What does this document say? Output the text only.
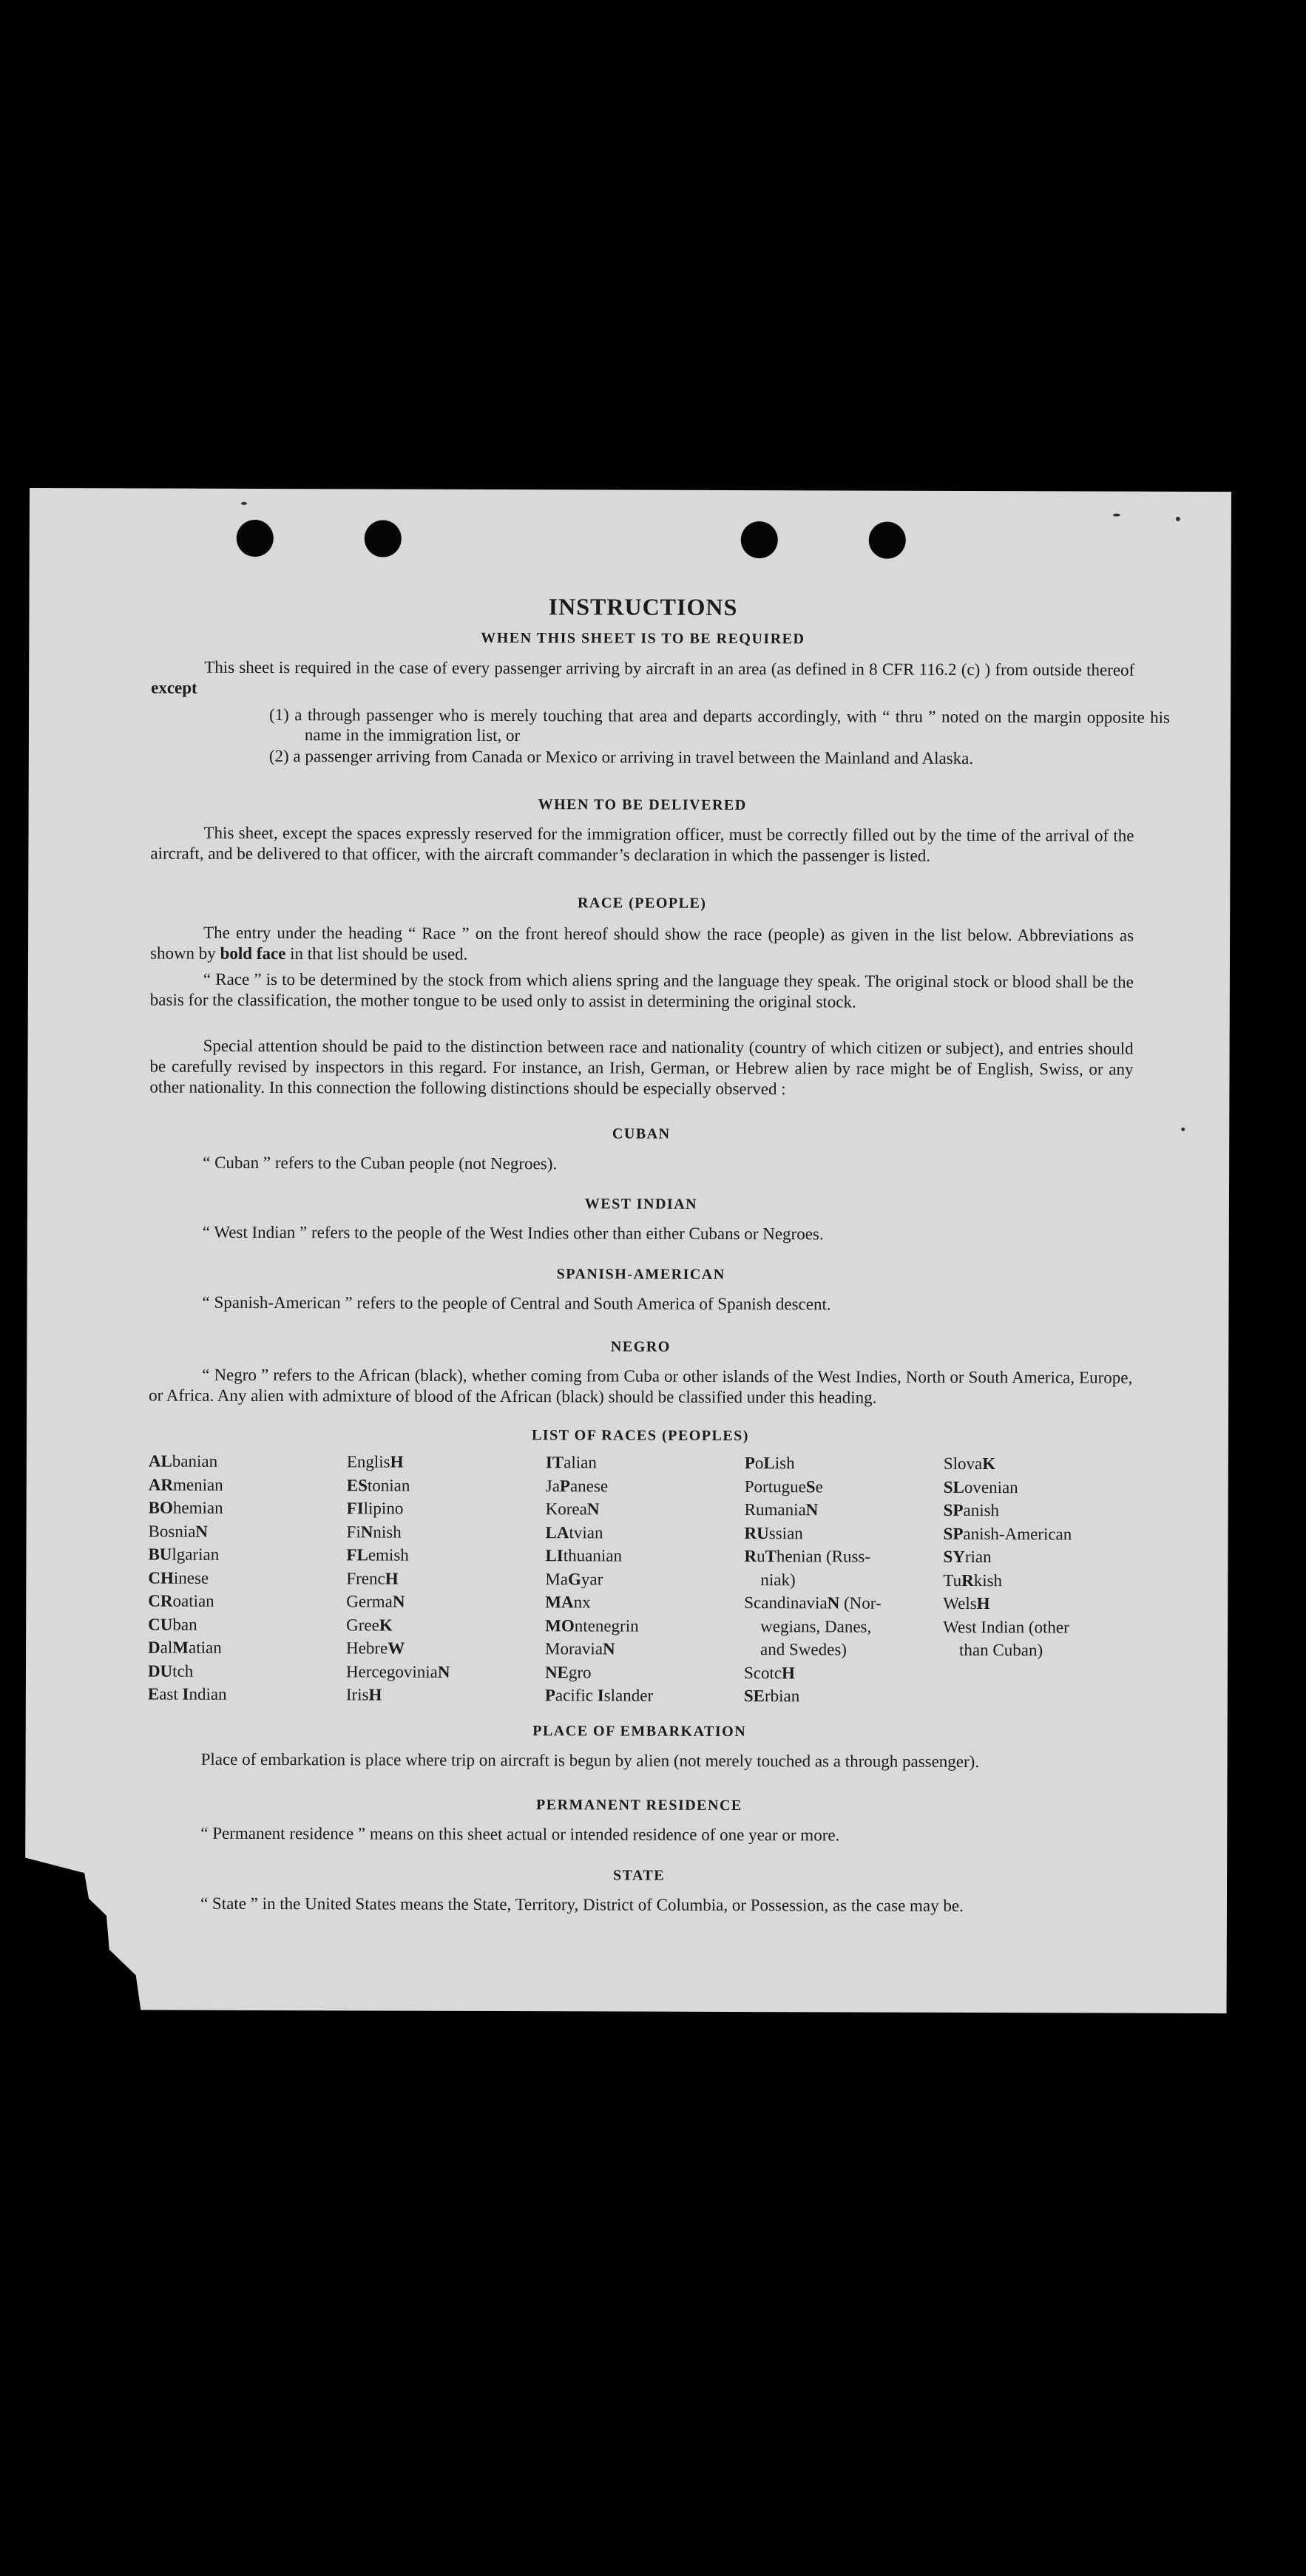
INSTRUCTIONS
WHEN THIS SHEET IS TO BE REQUIRED

This sheet is required in the case of every passenger arriving by aircraft in an area (as defined in 8 CFR 116.2 (c) ) from outside thereof except

(1) a through passenger who is merely touching that area and departs accordingly, with “ thru ” noted on the margin opposite his name in the immigration list, or

(2) a passenger arriving from Canada or Mexico or arriving in travel between the Mainland and Alaska.

WHEN TO BE DELIVERED

This sheet, except the spaces expressly reserved for the immigration officer, must be correctly filled out by the time of the arrival of the aircraft, and be delivered to that officer, with the aircraft commander’s declaration in which the passenger is listed.

RACE (PEOPLE)

The entry under the heading “ Race ” on the front hereof should show the race (people) as given in the list below. Abbreviations as shown by bold face in that list should be used.

“ Race ” is to be determined by the stock from which aliens spring and the language they speak. The original stock or blood shall be the basis for the classification, the mother tongue to be used only to assist in determining the original stock.

Special attention should be paid to the distinction between race and nationality (country of which citizen or subject), and entries should be carefully revised by inspectors in this regard. For instance, an Irish, German, or Hebrew alien by race might be of English, Swiss, or any other nationality. In this connection the following distinctions should be especially observed :

CUBAN

“ Cuban ” refers to the Cuban people (not Negroes).

WEST INDIAN

“ West Indian ” refers to the people of the West Indies other than either Cubans or Negroes.

SPANISH-AMERICAN

“ Spanish-American ” refers to the people of Central and South America of Spanish descent.

NEGRO

“ Negro ” refers to the African (black), whether coming from Cuba or other islands of the West Indies, North or South America, Europe, or Africa. Any alien with admixture of blood of the African (black) should be classified under this heading.

LIST OF RACES (PEOPLES)
ALbanian
ARmenian
BOhemian
BosniaN
BUlgarian
CHinese
CRoatian
CUban
DalMatian
DUtch
East Indian
EnglisH
EStonian
FIlipino
FiNnish
FLemish
FrencH
GermaN
GreeK
HebreW
HercegoviniaN
IrisH
ITalian
JaPanese
KoreaN
LAtvian
LIthuanian
MaGyar
MAnx
MOntenegrin
MoraviaN
NEgro
Pacific Islander
PoLish
PortugueSe
RumaniaN
RUssian
RuThenian (Russ-
niak)
ScandinaviaN (Nor-
wegians, Danes,
and Swedes)
ScotcH
SErbian
SlovaK
SLovenian
SPanish
SPanish-American
SYrian
TuRkish
WelsH
West Indian (other
than Cuban)
PLACE OF EMBARKATION

Place of embarkation is place where trip on aircraft is begun by alien (not merely touched as a through passenger).

PERMANENT RESIDENCE

“ Permanent residence ” means on this sheet actual or intended residence of one year or more.

STATE

“ State ” in the United States means the State, Territory, District of Columbia, or Possession, as the case may be.
